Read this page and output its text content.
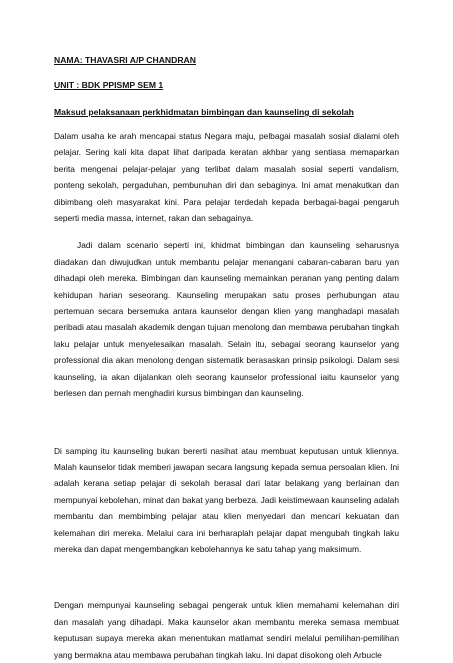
NAMA: THAVASRI A/P CHANDRAN

UNIT : BDK PPISMP SEM 1

Maksud pelaksanaan perkhidmatan bimbingan dan kaunseling di sekolah

Dalam usaha ke arah mencapai status Negara maju, pelbagai masalah sosial dialami oleh pelajar. Sering kali kita dapat lihat daripada keratan akhbar yang sentiasa memaparkan berita mengenai pelajar-pelajar yang terlibat dalam masalah sosial seperti vandalism, ponteng sekolah, pergaduhan, pembunuhan diri dan sebaginya. Ini amat menakutkan dan dibimbang oleh masyarakat kini. Para pelajar terdedah kepada berbagai-bagai pengaruh seperti media massa, internet, rakan dan sebagainya.

Jadi dalam scenario seperti ini, khidmat bimbingan dan kaunseling seharusnya diadakan dan diwujudkan untuk membantu pelajar menangani cabaran-cabaran baru yan dihadapi oleh mereka. Bimbingan dan kaunseling memainkan peranan yang penting dalam kehidupan harian seseorang. Kaunseling merupakan satu proses perhubungan atau pertemuan secara bersemuka antara kaunselor dengan klien yang manghadapi masalah peribadi atau masalah akademik dengan tujuan menolong dan membawa perubahan tingkah laku pelajar untuk menyelesaikan masalah. Selain itu, sebagai seorang kaunselor yang professional dia akan menolong dengan sistematik berasaskan prinsip psikologi. Dalam sesi kaunseling, ia akan dijalankan oleh seorang kaunselor professional iaitu kaunselor yang berlesen dan pernah menghadiri kursus bimbingan dan kaunseling.

Di samping itu kaunseling bukan bererti nasihat atau membuat keputusan untuk kliennya. Malah kaunselor tidak memberi jawapan secara langsung kepada semua persoalan klien. Ini adalah kerana setiap pelajar di sekolah berasal dari latar belakang yang berlainan dan mempunyai kebolehan, minat dan bakat yang berbeza. Jadi keistimewaan kaunseling adalah membantu dan membimbing pelajar atau klien menyedari dan mencari kekuatan dan kelemahan diri mereka. Melalui cara ini berharaplah pelajar dapat mengubah tingkah laku mereka dan dapat mengembangkan kebolehannya ke satu tahap yang maksimum.

Dengan mempunyai kaunseling sebagai pengerak untuk klien memahami kelemahan diri dan masalah yang dihadapi. Maka kaunselor akan membantu mereka semasa membuat keputusan supaya mereka akan menentukan matlamat sendiri melalui pemilihan-pemilihan yang bermakna atau membawa perubahan tingkah laku. Ini dapat disokong oleh Arbucle
